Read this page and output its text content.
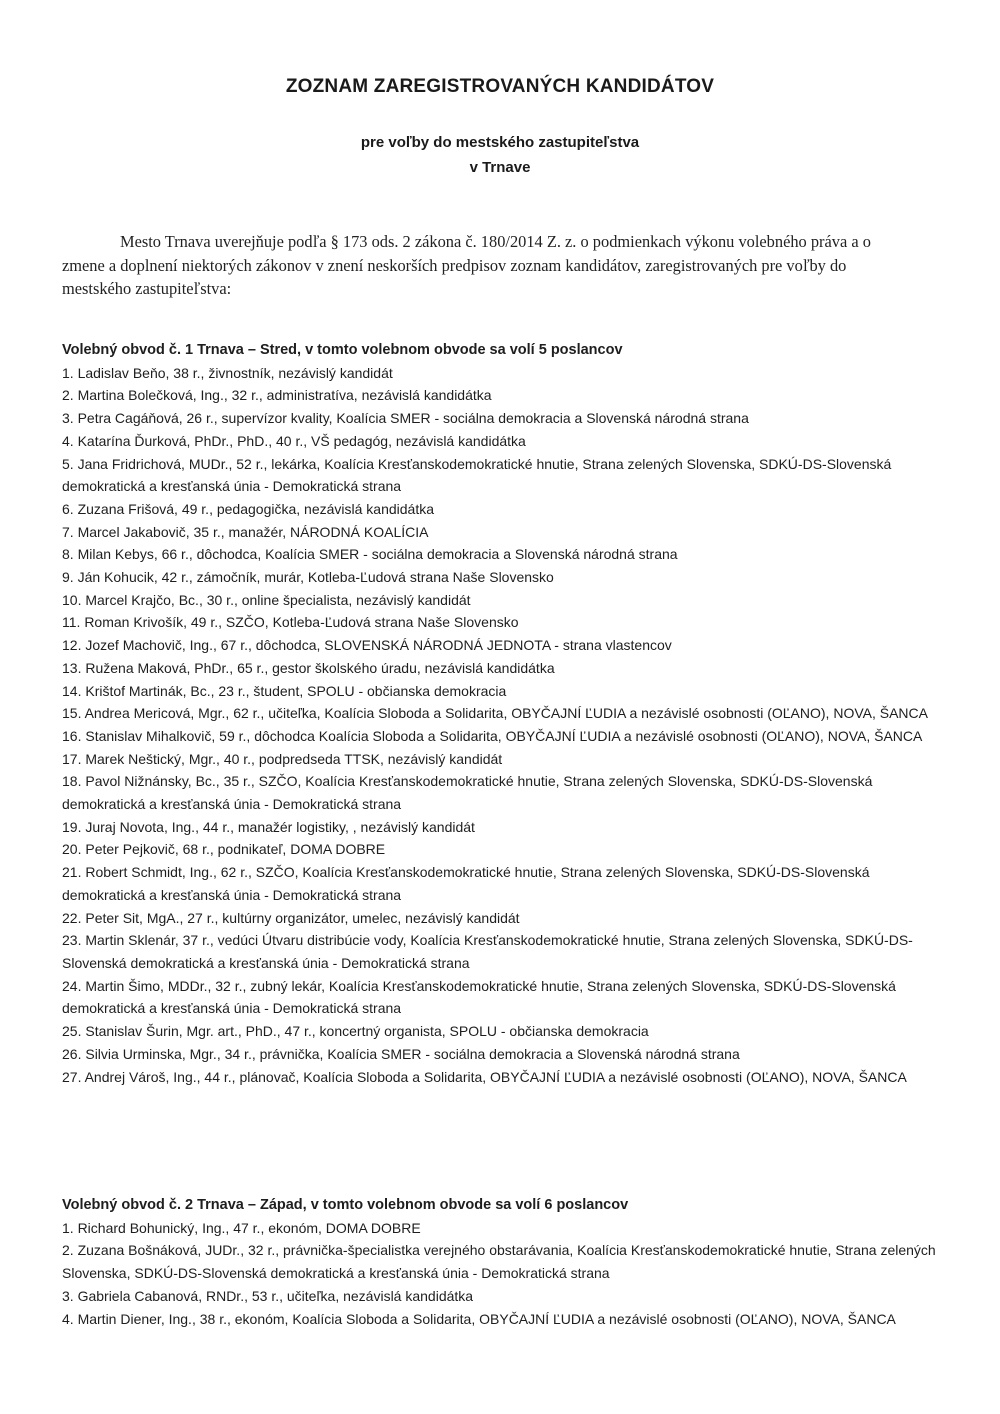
ZOZNAM ZAREGISTROVANÝCH KANDIDÁTOV
pre voľby do mestského zastupiteľstva
v Trnave

Mesto Trnava uverejňuje podľa § 173 ods. 2 zákona č. 180/2014 Z. z. o podmienkach výkonu volebného práva a o zmene a doplnení niektorých zákonov v znení neskorších predpisov zoznam kandidátov, zaregistrovaných pre voľby do mestského zastupiteľstva:

Volebný obvod č. 1 Trnava – Stred, v tomto volebnom obvode sa volí 5 poslancov

1. Ladislav Beňo, 38 r., živnostník, nezávislý kandidát
2. Martina Bolečková, Ing., 32 r., administratíva, nezávislá kandidátka
3. Petra Cagáňová, 26 r., supervízor kvality, Koalícia SMER - sociálna demokracia a Slovenská národná strana
4. Katarína Ďurková, PhDr., PhD., 40 r., VŠ pedagóg, nezávislá kandidátka
5. Jana Fridrichová, MUDr., 52 r., lekárka, Koalícia Kresťanskodemokratické hnutie, Strana zelených Slovenska, SDKÚ-DS-Slovenská demokratická a kresťanská únia - Demokratická strana
6. Zuzana Frišová, 49 r., pedagogička, nezávislá kandidátka
7. Marcel Jakabovič, 35 r., manažér, NÁRODNÁ KOALÍCIA
8. Milan Kebys, 66 r., dôchodca, Koalícia SMER - sociálna demokracia a Slovenská národná strana
9. Ján Kohucik, 42 r., zámočník, murár, Kotleba-Ľudová strana Naše Slovensko
10. Marcel Krajčo, Bc., 30 r., online špecialista, nezávislý kandidát
11. Roman Krivošík, 49 r., SZČO, Kotleba-Ľudová strana Naše Slovensko
12. Jozef Machovič, Ing., 67 r., dôchodca, SLOVENSKÁ NÁRODNÁ JEDNOTA - strana vlastencov
13. Ružena Maková, PhDr., 65 r., gestor školského úradu, nezávislá kandidátka
14. Krištof Martinák, Bc., 23 r., študent, SPOLU - občianska demokracia
15. Andrea Mericová, Mgr., 62 r., učiteľka, Koalícia Sloboda a Solidarita, OBYČAJNÍ ĽUDIA a nezávislé osobnosti (OĽANO), NOVA, ŠANCA
16. Stanislav Mihalkovič, 59 r., dôchodca Koalícia Sloboda a Solidarita, OBYČAJNÍ ĽUDIA a nezávislé osobnosti (OĽANO), NOVA, ŠANCA
17. Marek Neštický, Mgr., 40 r., podpredseda TTSK, nezávislý kandidát
18. Pavol Nižnánsky, Bc., 35 r., SZČO, Koalícia Kresťanskodemokratické hnutie, Strana zelených Slovenska, SDKÚ-DS-Slovenská demokratická a kresťanská únia - Demokratická strana
19. Juraj Novota, Ing., 44 r., manažér logistiky, , nezávislý kandidát
20. Peter Pejkovič, 68 r., podnikateľ, DOMA DOBRE
21. Robert Schmidt, Ing., 62 r., SZČO, Koalícia Kresťanskodemokratické hnutie, Strana zelených Slovenska, SDKÚ-DS-Slovenská demokratická a kresťanská únia - Demokratická strana
22. Peter Sit, MgA., 27 r., kultúrny organizátor, umelec, nezávislý kandidát
23. Martin Sklenár, 37 r., vedúci Útvaru distribúcie vody, Koalícia Kresťanskodemokratické hnutie, Strana zelených Slovenska, SDKÚ-DS-Slovenská demokratická a kresťanská únia - Demokratická strana
24. Martin Šimo, MDDr., 32 r., zubný lekár, Koalícia Kresťanskodemokratické hnutie, Strana zelených Slovenska, SDKÚ-DS-Slovenská demokratická a kresťanská únia - Demokratická strana
25. Stanislav Šurin, Mgr. art., PhD., 47 r., koncertný organista, SPOLU - občianska demokracia
26. Silvia Urminska, Mgr., 34 r., právnička, Koalícia SMER - sociálna demokracia a Slovenská národná strana
27. Andrej Vároš, Ing., 44 r., plánovač, Koalícia Sloboda a Solidarita, OBYČAJNÍ ĽUDIA a nezávislé osobnosti (OĽANO), NOVA, ŠANCA

Volebný obvod č. 2 Trnava – Západ, v tomto volebnom obvode sa volí 6 poslancov

1. Richard Bohunický, Ing., 47 r., ekonóm, DOMA DOBRE
2. Zuzana Bošnáková, JUDr., 32 r., právnička-špecialistka verejného obstarávania, Koalícia Kresťanskodemokratické hnutie, Strana zelených Slovenska, SDKÚ-DS-Slovenská demokratická a kresťanská únia - Demokratická strana
3. Gabriela Cabanová, RNDr., 53 r., učiteľka, nezávislá kandidátka
4. Martin Diener, Ing., 38 r., ekonóm, Koalícia Sloboda a Solidarita, OBYČAJNÍ ĽUDIA a nezávislé osobnosti (OĽANO), NOVA, ŠANCA
